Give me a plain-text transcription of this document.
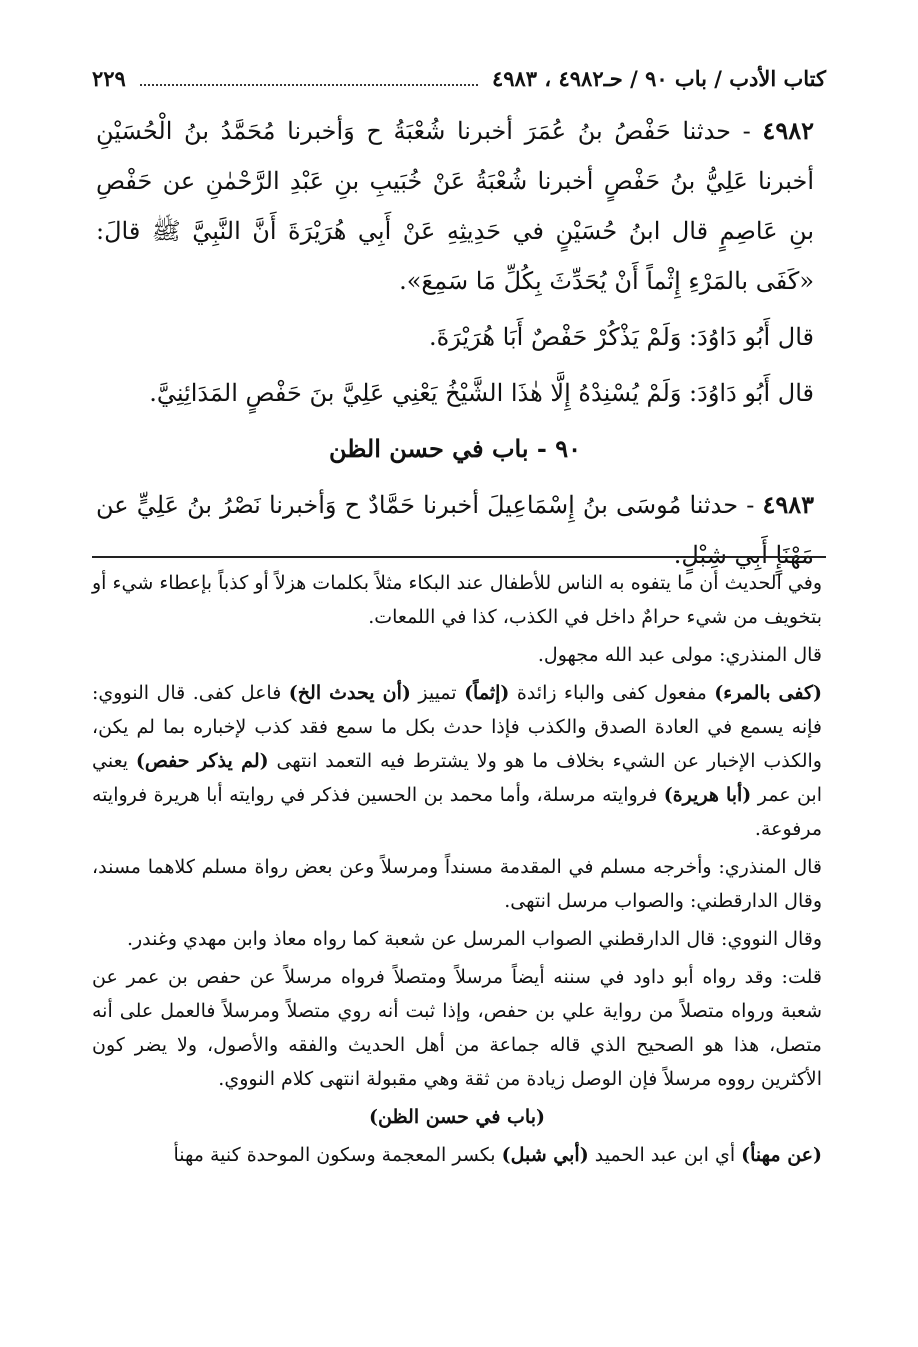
كتاب الأدب / باب ٩٠ / حـ٤٩٨٢ ، ٤٩٨٣
٢٢٩

٤٩٨٢ - حدثنا حَفْصُ بنُ عُمَرَ أخبرنا شُعْبَةُ ح وَأخبرنا مُحَمَّدُ بنُ الْحُسَيْنِ أخبرنا عَلِيُّ بنُ حَفْصٍ أخبرنا شُعْبَةُ عَنْ خُبَيبِ بنِ عَبْدِ الرَّحْمٰنِ عن حَفْصِ بنِ عَاصِمٍ قال ابنُ حُسَيْنٍ في حَدِيثِهِ عَنْ أَبِي هُرَيْرَةَ أَنَّ النَّبِيَّ ﷺ قالَ: «كَفَى بالمَرْءِ إِثْماً أَنْ يُحَدِّثَ بِكُلِّ مَا سَمِعَ».

قال أَبُو دَاوُدَ: وَلَمْ يَذْكُرْ حَفْصٌ أَبَا هُرَيْرَةَ.

قال أَبُو دَاوُدَ: وَلَمْ يُسْنِدْهُ إِلَّا هٰذَا الشَّيْخُ يَعْنِي عَلِيَّ بنَ حَفْصٍ المَدَائِنِيَّ.

٩٠ - باب في حسن الظن

٤٩٨٣ - حدثنا مُوسَى بنُ إِسْمَاعِيلَ أخبرنا حَمَّادٌ ح وَأخبرنا نَصْرُ بنُ عَلِيٍّ عن مَهْنَإٍ أَبِي شِبْلٍ.

وفي الحديث أن ما يتفوه به الناس للأطفال عند البكاء مثلاً بكلمات هزلاً أو كذباً بإعطاء شيء أو بتخويف من شيء حرامٌ داخل في الكذب، كذا في اللمعات.

قال المنذري: مولى عبد الله مجهول.

(كفى بالمرء) مفعول كفى والباء زائدة (إثماً) تمييز (أن يحدث الخ) فاعل كفى. قال النووي: فإنه يسمع في العادة الصدق والكذب فإذا حدث بكل ما سمع فقد كذب لإخباره بما لم يكن، والكذب الإخبار عن الشيء بخلاف ما هو ولا يشترط فيه التعمد انتهى (لم يذكر حفص) يعني ابن عمر (أبا هريرة) فروايته مرسلة، وأما محمد بن الحسين فذكر في روايته أبا هريرة فروايته مرفوعة.

قال المنذري: وأخرجه مسلم في المقدمة مسنداً ومرسلاً وعن بعض رواة مسلم كلاهما مسند، وقال الدارقطني: والصواب مرسل انتهى.

وقال النووي: قال الدارقطني الصواب المرسل عن شعبة كما رواه معاذ وابن مهدي وغندر.

قلت: وقد رواه أبو داود في سننه أيضاً مرسلاً ومتصلاً فرواه مرسلاً عن حفص بن عمر عن شعبة ورواه متصلاً من رواية علي بن حفص، وإذا ثبت أنه روي متصلاً ومرسلاً فالعمل على أنه متصل، هذا هو الصحيح الذي قاله جماعة من أهل الحديث والفقه والأصول، ولا يضر كون الأكثرين رووه مرسلاً فإن الوصل زيادة من ثقة وهي مقبولة انتهى كلام النووي.

(باب في حسن الظن)

(عن مهنأ) أي ابن عبد الحميد (أبي شبل) بكسر المعجمة وسكون الموحدة كنية مهنأ
